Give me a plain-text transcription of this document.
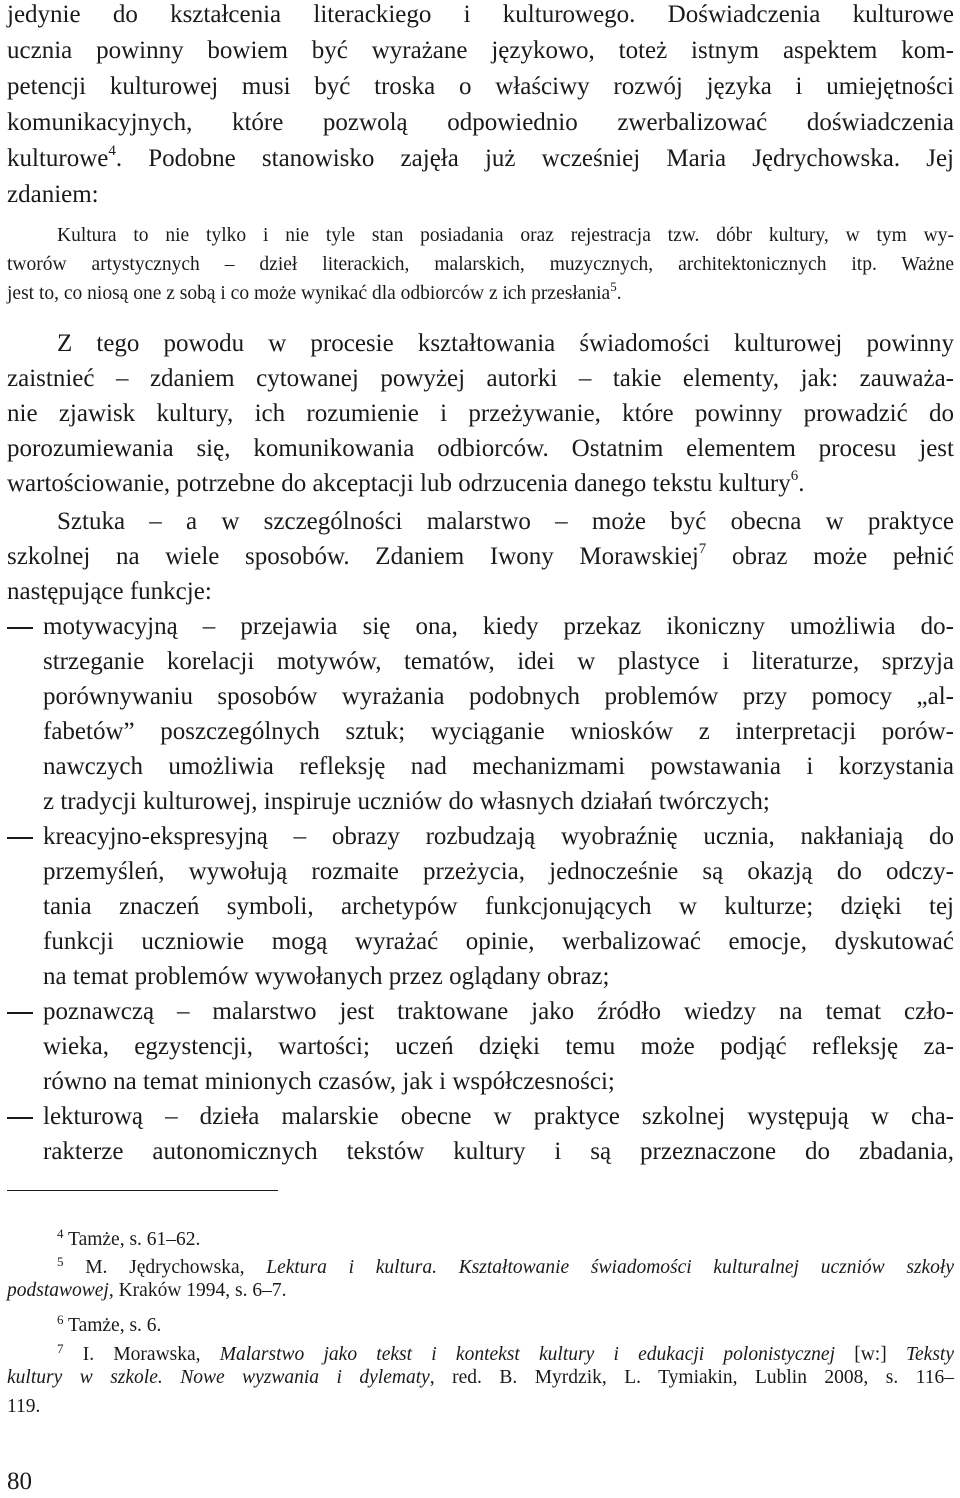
jedynie do kształcenia literackiego i kulturowego. Doświadczenia kulturowe
ucznia powinny bowiem być wyrażane językowo, toteż istnym aspektem kom-
petencji kulturowej musi być troska o właściwy rozwój języka i umiejętności
komunikacyjnych, które pozwolą odpowiednio zwerbalizować doświadczenia
kulturowe$^4$. Podobne stanowisko zajęła już wcześniej Maria Jędrychowska. Jej
zdaniem:
Kultura to nie tylko i nie tyle stan posiadania oraz rejestracja tzw. dóbr kultury, w tym wy-
tworów artystycznych – dzieł literackich, malarskich, muzycznych, architektonicznych itp. Ważne
jest to, co niosą one z sobą i co może wynikać dla odbiorców z ich przesłania$^5$.
Z tego powodu w procesie kształtowania świadomości kulturowej powinny
zaistnieć – zdaniem cytowanej powyżej autorki – takie elementy, jak: zauważa-
nie zjawisk kultury, ich rozumienie i przeżywanie, które powinny prowadzić do
porozumiewania się, komunikowania odbiorców. Ostatnim elementem procesu jest
wartościowanie, potrzebne do akceptacji lub odrzucenia danego tekstu kultury$^6$.
Sztuka – a w szczególności malarstwo – może być obecna w praktyce
szkolnej na wiele sposobów. Zdaniem Iwony Morawskiej$^7$ obraz może pełnić
następujące funkcje:
motywacyjną – przejawia się ona, kiedy przekaz ikoniczny umożliwia do-
strzeganie korelacji motywów, tematów, idei w plastyce i literaturze, sprzyja
porównywaniu sposobów wyrażania podobnych problemów przy pomocy „al-
fabetów” poszczególnych sztuk; wyciąganie wniosków z interpretacji porów-
nawczych umożliwia refleksję nad mechanizmami powstawania i korzystania
z tradycji kulturowej, inspiruje uczniów do własnych działań twórczych;
kreacyjno-ekspresyjną – obrazy rozbudzają wyobraźnię ucznia, nakłaniają do
przemyśleń, wywołują rozmaite przeżycia, jednocześnie są okazją do odczy-
tania znaczeń symboli, archetypów funkcjonujących w kulturze; dzięki tej
funkcji uczniowie mogą wyrażać opinie, werbalizować emocje, dyskutować
na temat problemów wywołanych przez oglądany obraz;
poznawczą – malarstwo jest traktowane jako źródło wiedzy na temat czło-
wieka, egzystencji, wartości; uczeń dzięki temu może podjąć refleksję za-
równo na temat minionych czasów, jak i współczesności;
lekturową – dzieła malarskie obecne w praktyce szkolnej występują w cha-
rakterze autonomicznych tekstów kultury i są przeznaczone do zbadania,
$^4$ Tamże, s. 61–62.
$^5$ M. Jędrychowska, Lektura i kultura. Kształtowanie świadomości kulturalnej uczniów szkoły
podstawowej, Kraków 1994, s. 6–7.
$^6$ Tamże, s. 6.
$^7$ I. Morawska, Malarstwo jako tekst i kontekst kultury i edukacji polonistycznej [w:] Teksty
kultury w szkole. Nowe wyzwania i dylematy, red. B. Myrdzik, L. Tymiakin, Lublin 2008, s. 116–
119.
80
